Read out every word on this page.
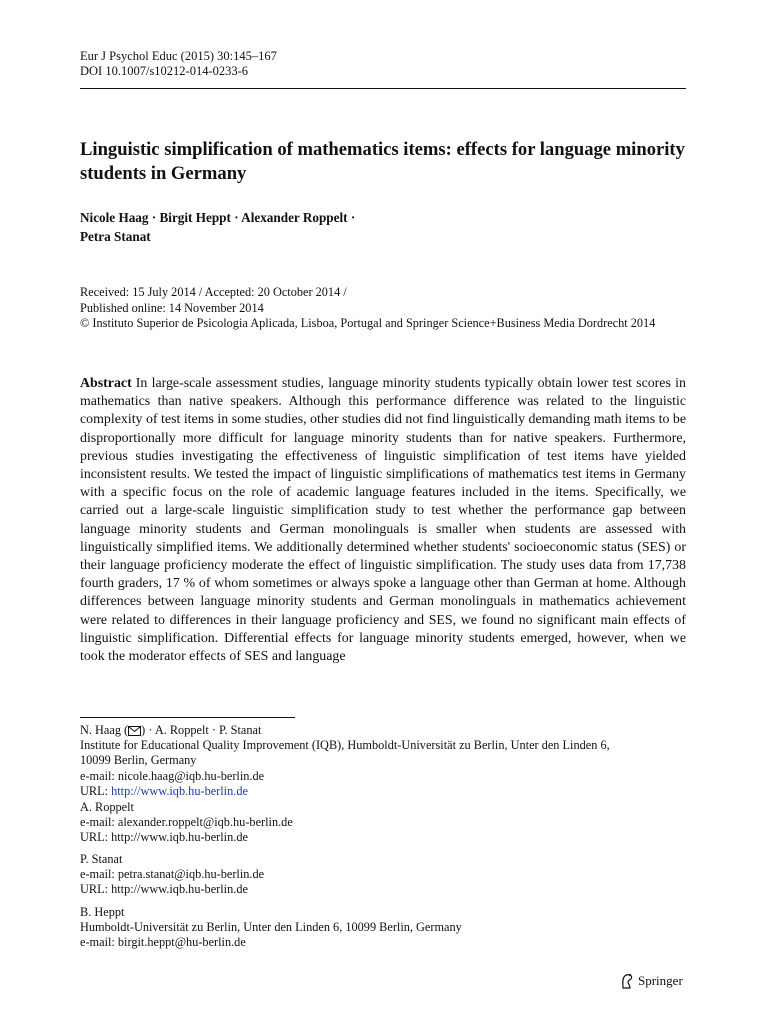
Eur J Psychol Educ (2015) 30:145–167
DOI 10.1007/s10212-014-0233-6
Linguistic simplification of mathematics items: effects for language minority students in Germany
Nicole Haag · Birgit Heppt · Alexander Roppelt ·
Petra Stanat
Received: 15 July 2014 / Accepted: 20 October 2014 /
Published online: 14 November 2014
© Instituto Superior de Psicologia Aplicada, Lisboa, Portugal and Springer Science+Business Media Dordrecht 2014
Abstract In large-scale assessment studies, language minority students typically obtain lower test scores in mathematics than native speakers. Although this performance difference was related to the linguistic complexity of test items in some studies, other studies did not find linguistically demanding math items to be disproportionally more difficult for language minority students than for native speakers. Furthermore, previous studies investigating the effectiveness of linguistic simplification of test items have yielded inconsistent results. We tested the impact of linguistic simplifications of mathematics test items in Germany with a specific focus on the role of academic language features included in the items. Specifically, we carried out a large-scale linguistic simplification study to test whether the performance gap between language minority students and German monolinguals is smaller when students are assessed with linguistically simplified items. We additionally determined whether students' socioeconomic status (SES) or their language proficiency moderate the effect of linguistic simplification. The study uses data from 17,738 fourth graders, 17 % of whom sometimes or always spoke a language other than German at home. Although differences between language minority students and German monolinguals in mathematics achievement were related to differences in their language proficiency and SES, we found no significant main effects of linguistic simplification. Differential effects for language minority students emerged, however, when we took the moderator effects of SES and language
N. Haag ( ) · A. Roppelt · P. Stanat
Institute for Educational Quality Improvement (IQB), Humboldt-Universität zu Berlin, Unter den Linden 6,
10099 Berlin, Germany
e-mail: nicole.haag@iqb.hu-berlin.de
URL: http://www.iqb.hu-berlin.de
A. Roppelt
e-mail: alexander.roppelt@iqb.hu-berlin.de
URL: http://www.iqb.hu-berlin.de
P. Stanat
e-mail: petra.stanat@iqb.hu-berlin.de
URL: http://www.iqb.hu-berlin.de
B. Heppt
Humboldt-Universität zu Berlin, Unter den Linden 6, 10099 Berlin, Germany
e-mail: birgit.heppt@hu-berlin.de
Springer
